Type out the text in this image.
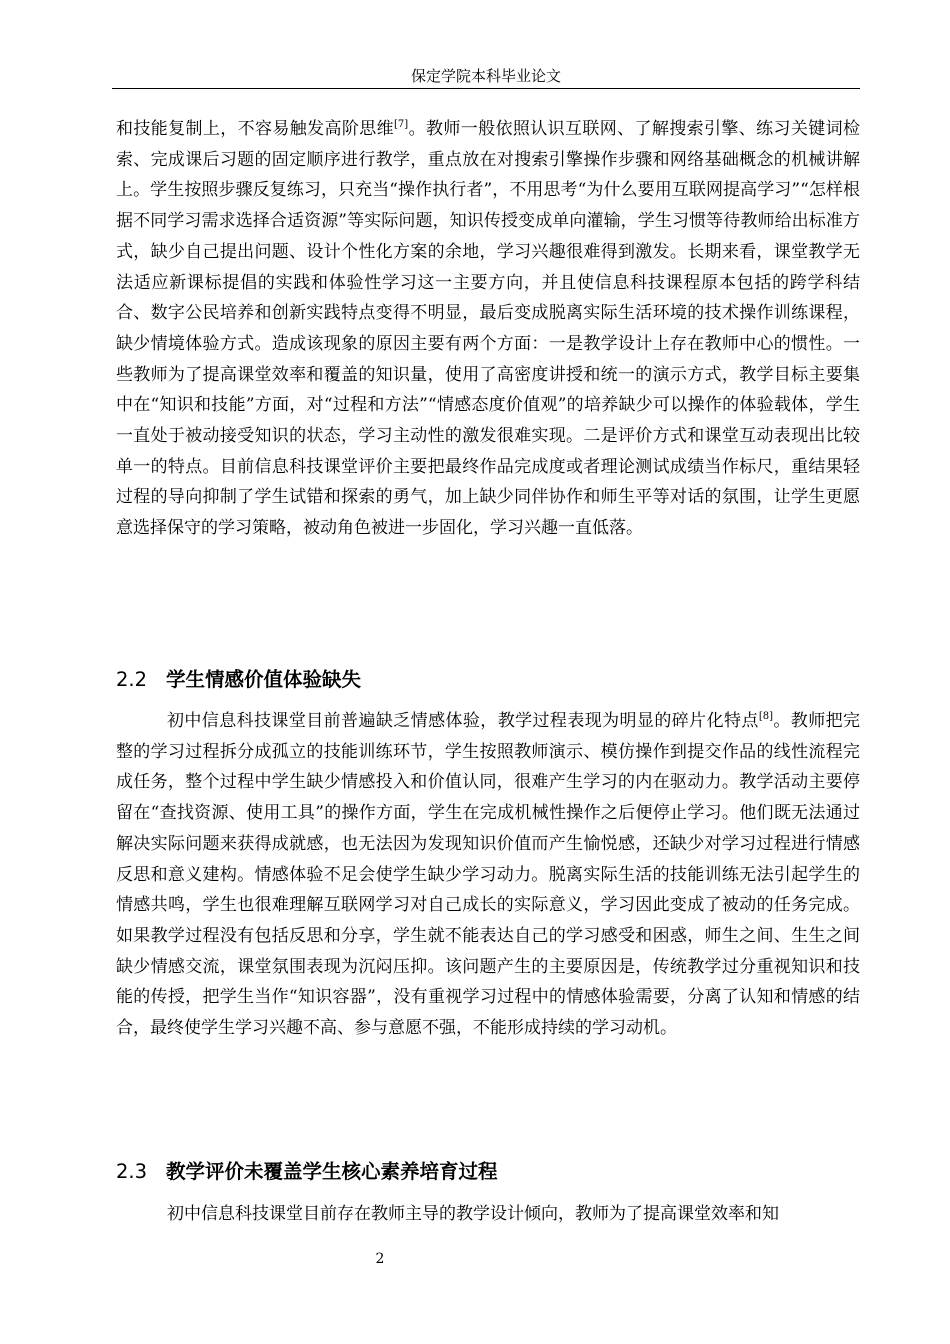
保定学院本科毕业论文

和技能复制上，不容易触发高阶思维[7]。教师一般依照认识互联网、了解搜索引擎、练习关键词检索、完成课后习题的固定顺序进行教学，重点放在对搜索引擎操作步骤和网络基础概念的机械讲解上。学生按照步骤反复练习，只充当“操作执行者”，不用思考“为什么要用互联网提高学习”“怎样根据不同学习需求选择合适资源”等实际问题，知识传授变成单向灌输，学生习惯等待教师给出标准方式，缺少自己提出问题、设计个性化方案的余地，学习兴趣很难得到激发。长期来看，课堂教学无法适应新课标提倡的实践和体验性学习这一主要方向，并且使信息科技课程原本包括的跨学科结合、数字公民培养和创新实践特点变得不明显，最后变成脱离实际生活环境的技术操作训练课程，缺少情境体验方式。造成该现象的原因主要有两个方面：一是教学设计上存在教师中心的惯性。一些教师为了提高课堂效率和覆盖的知识量，使用了高密度讲授和统一的演示方式，教学目标主要集中在“知识和技能”方面，对“过程和方法”“情感态度价值观”的培养缺少可以操作的体验载体，学生一直处于被动接受知识的状态，学习主动性的激发很难实现。二是评价方式和课堂互动表现出比较单一的特点。目前信息科技课堂评价主要把最终作品完成度或者理论测试成绩当作标尺，重结果轻过程的导向抑制了学生试错和探索的勇气，加上缺少同伴协作和师生平等对话的氛围，让学生更愿意选择保守的学习策略，被动角色被进一步固化，学习兴趣一直低落。

2.2 学生情感价值体验缺失

初中信息科技课堂目前普遍缺乏情感体验，教学过程表现为明显的碎片化特点[8]。教师把完整的学习过程拆分成孤立的技能训练环节，学生按照教师演示、模仿操作到提交作品的线性流程完成任务，整个过程中学生缺少情感投入和价值认同，很难产生学习的内在驱动力。教学活动主要停留在“查找资源、使用工具”的操作方面，学生在完成机械性操作之后便停止学习。他们既无法通过解决实际问题来获得成就感，也无法因为发现知识价值而产生愉悦感，还缺少对学习过程进行情感反思和意义建构。情感体验不足会使学生缺少学习动力。脱离实际生活的技能训练无法引起学生的情感共鸣，学生也很难理解互联网学习对自己成长的实际意义，学习因此变成了被动的任务完成。如果教学过程没有包括反思和分享，学生就不能表达自己的学习感受和困惑，师生之间、生生之间缺少情感交流，课堂氛围表现为沉闷压抑。该问题产生的主要原因是，传统教学过分重视知识和技能的传授，把学生当作“知识容器”，没有重视学习过程中的情感体验需要，分离了认知和情感的结合，最终使学生学习兴趣不高、参与意愿不强，不能形成持续的学习动机。

2.3 教学评价未覆盖学生核心素养培育过程

初中信息科技课堂目前存在教师主导的教学设计倾向，教师为了提高课堂效率和知

2
